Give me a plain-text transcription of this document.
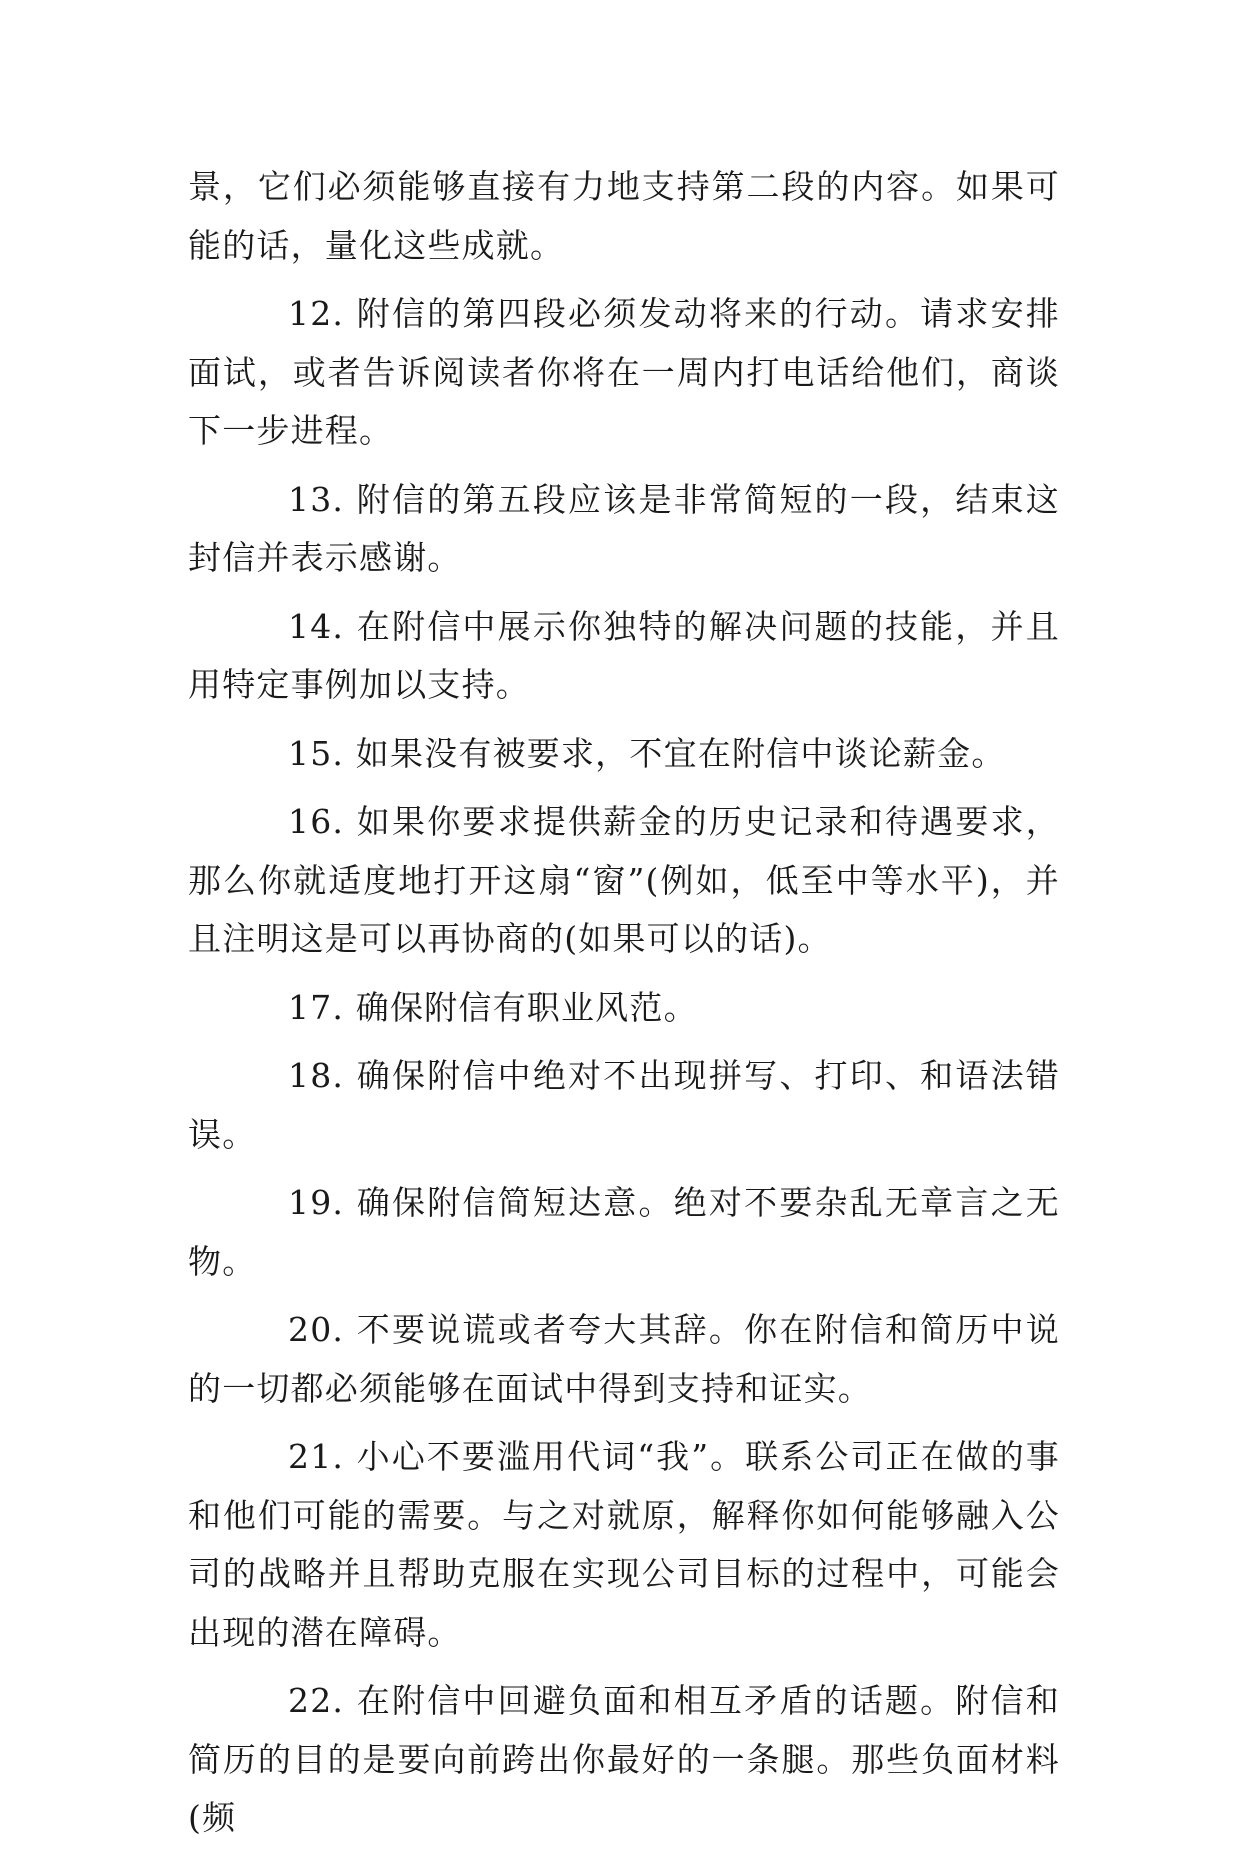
景，它们必须能够直接有力地支持第二段的内容。如果可能的话，量化这些成就。

12. 附信的第四段必须发动将来的行动。请求安排面试，或者告诉阅读者你将在一周内打电话给他们，商谈下一步进程。

13. 附信的第五段应该是非常简短的一段，结束这封信并表示感谢。

14. 在附信中展示你独特的解决问题的技能，并且用特定事例加以支持。

15. 如果没有被要求，不宜在附信中谈论薪金。

16. 如果你要求提供薪金的历史记录和待遇要求，那么你就适度地打开这扇“窗”(例如，低至中等水平)，并且注明这是可以再协商的(如果可以的话)。

17. 确保附信有职业风范。

18. 确保附信中绝对不出现拼写、打印、和语法错误。

19. 确保附信简短达意。绝对不要杂乱无章言之无物。

20. 不要说谎或者夸大其辞。你在附信和简历中说的一切都必须能够在面试中得到支持和证实。

21. 小心不要滥用代词“我”。联系公司正在做的事和他们可能的需要。与之对就原，解释你如何能够融入公司的战略并且帮助克服在实现公司目标的过程中，可能会出现的潜在障碍。

22. 在附信中回避负面和相互矛盾的话题。附信和简历的目的是要向前跨出你最好的一条腿。那些负面材料(频
